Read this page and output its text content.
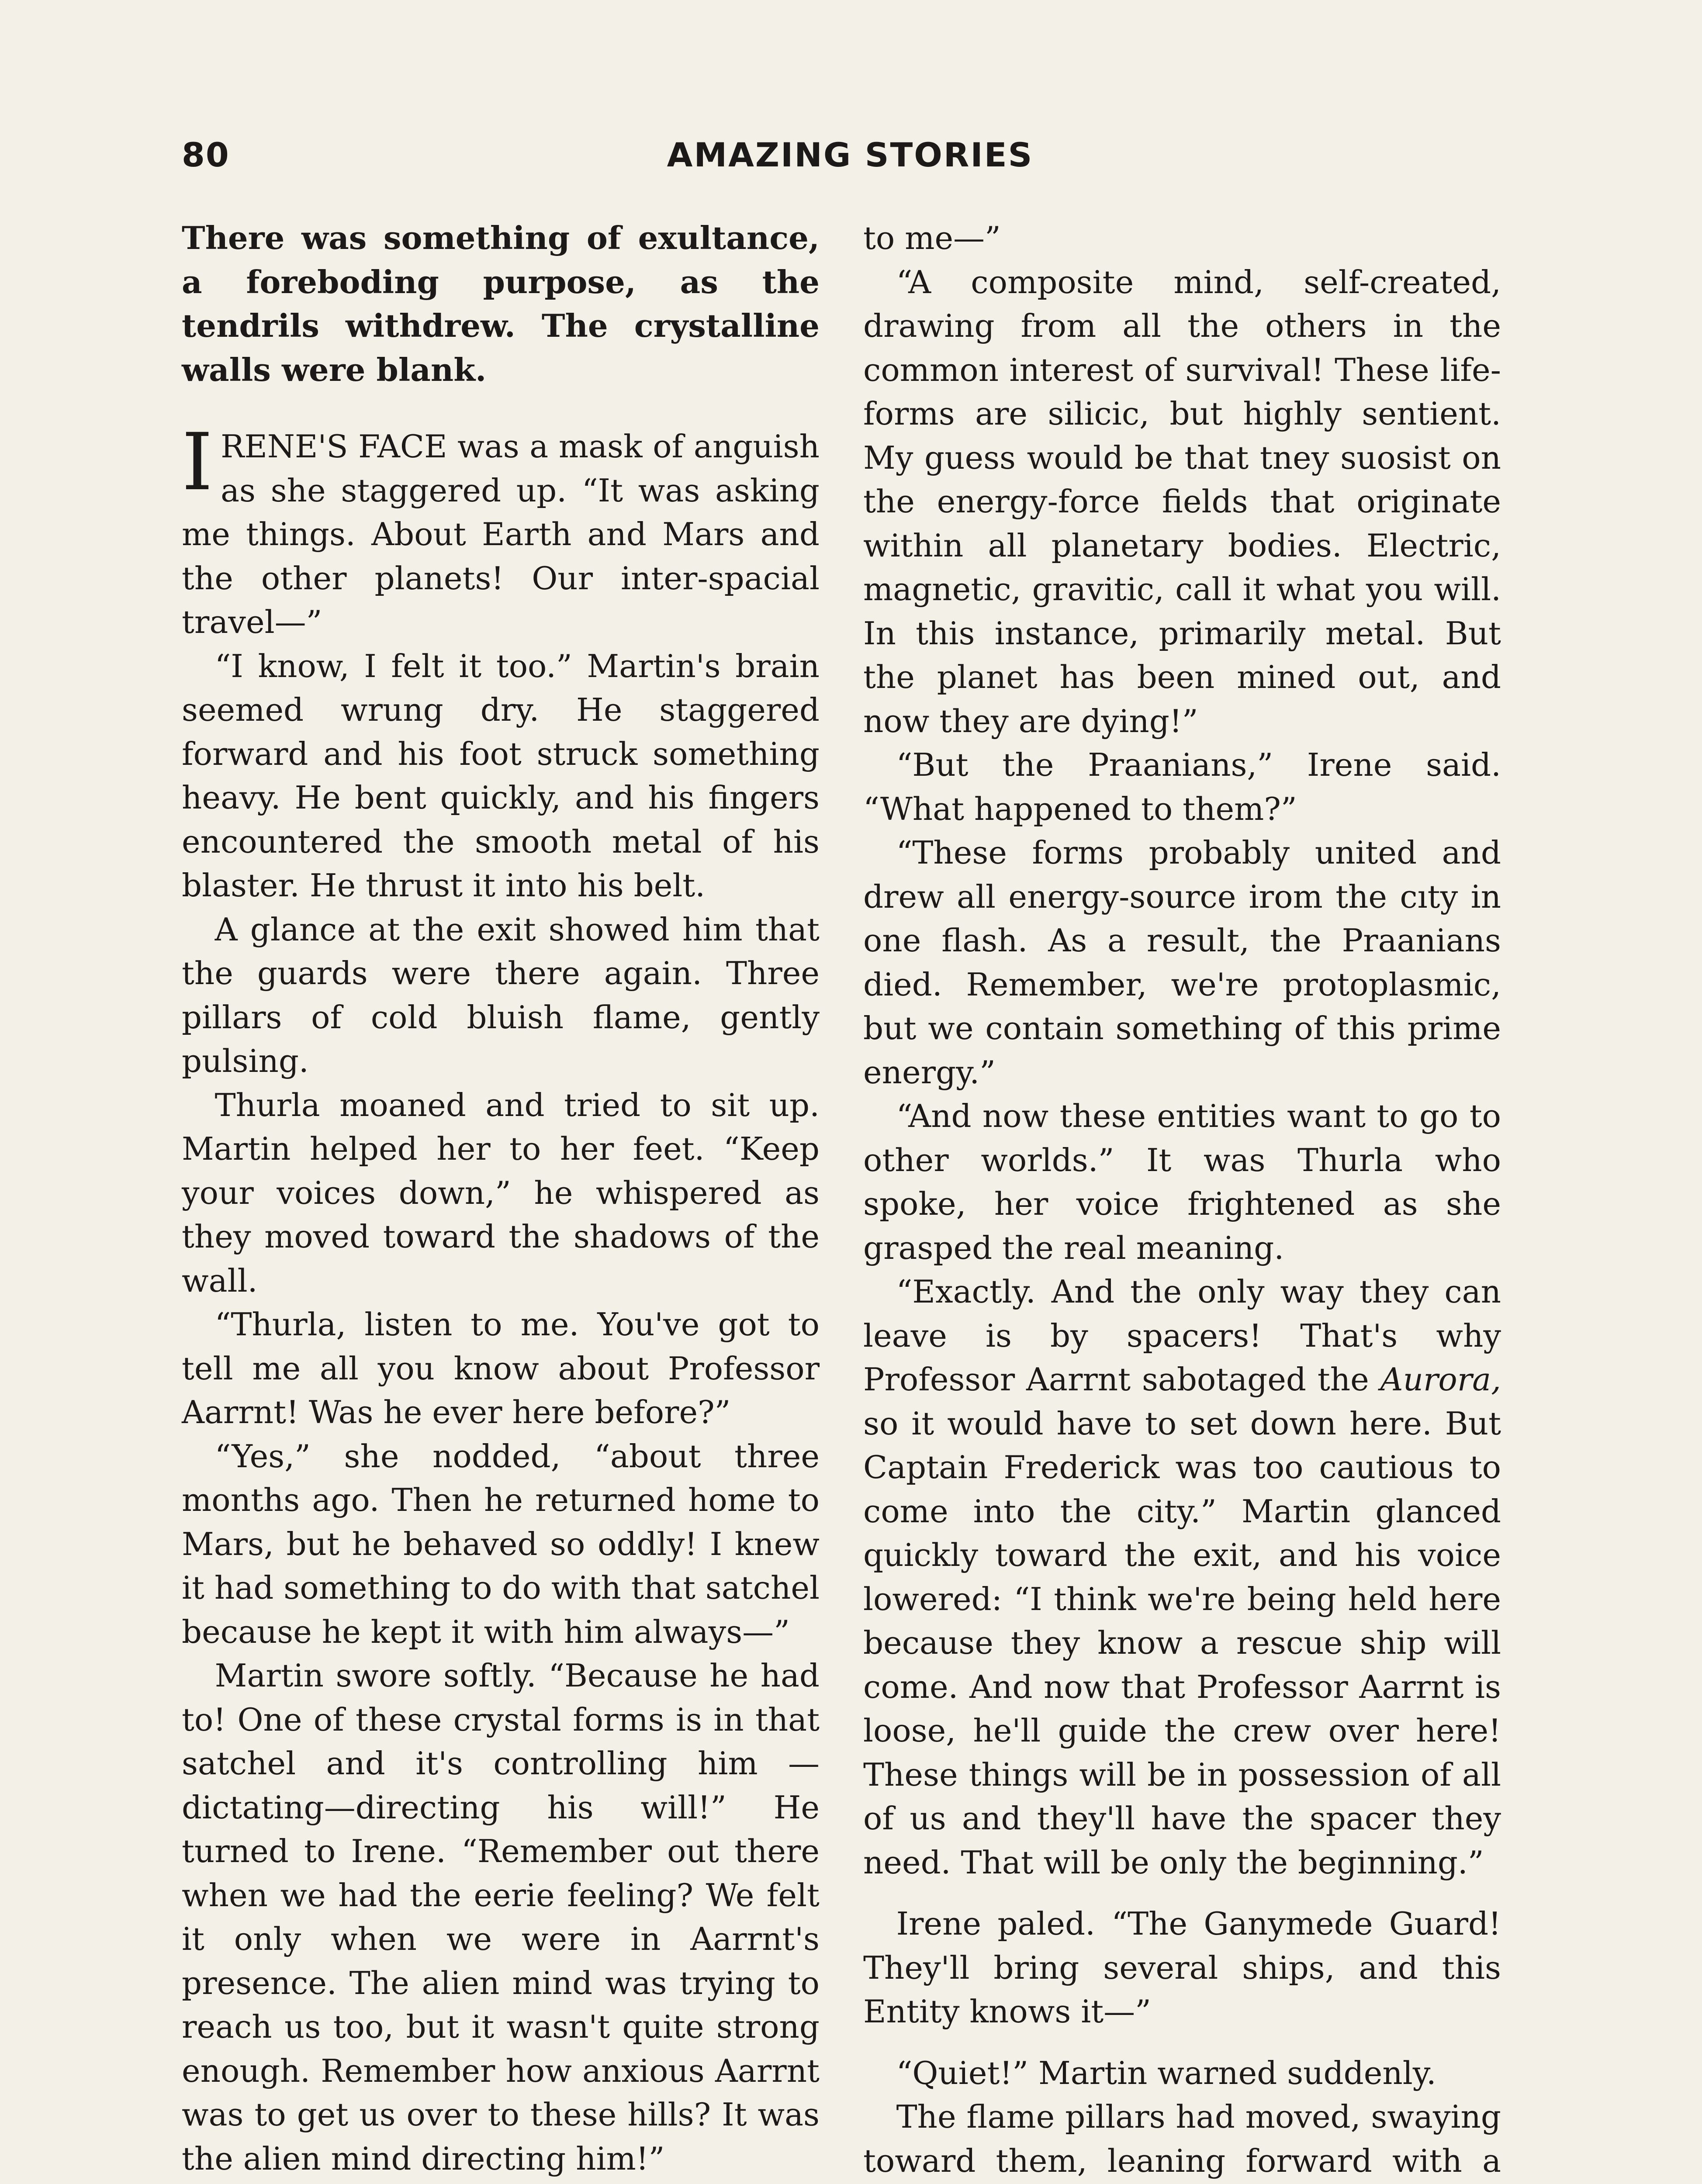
80	AMAZING STORIES

There was something of exultance, a foreboding purpose, as the tendrils withdrew. The crystalline walls were blank.

IRENE'S FACE was a mask of anguish as she staggered up. “It was asking me things. About Earth and Mars and the other planets! Our inter-spacial travel—”

“I know, I felt it too.” Martin's brain seemed wrung dry. He staggered forward and his foot struck something heavy. He bent quickly, and his fingers encountered the smooth metal of his blaster. He thrust it into his belt.

A glance at the exit showed him that the guards were there again. Three pillars of cold bluish flame, gently pulsing.

Thurla moaned and tried to sit up. Martin helped her to her feet. “Keep your voices down,” he whispered as they moved toward the shadows of the wall.

“Thurla, listen to me. You've got to tell me all you know about Professor Aarrnt! Was he ever here before?”

“Yes,” she nodded, “about three months ago. Then he returned home to Mars, but he behaved so oddly! I knew it had something to do with that satchel because he kept it with him always—”

Martin swore softly. “Because he had to! One of these crystal forms is in that satchel and it's controlling him —dictating—directing his will!” He turned to Irene. “Remember out there when we had the eerie feeling? We felt it only when we were in Aarrnt's presence. The alien mind was trying to reach us too, but it wasn't quite strong enough. Remember how anxious Aarrnt was to get us over to these hills? It was the alien mind directing him!”

to me—”

“A composite mind, self-created, drawing from all the others in the common interest of survival! These life-forms are silicic, but highly sentient. My guess would be that tney suosist on the energy-force fields that originate within all planetary bodies. Electric, magnetic, gravitic, call it what you will. In this instance, primarily metal. But the planet has been mined out, and now they are dying!”

“But the Praanians,” Irene said. “What happened to them?”

“These forms probably united and drew all energy-source irom the cıty in one flash. As a result, the Praanians died. Remember, we're protoplasmic, but we contain something of this prime energy.”

“And now these entities want to go to other worlds.” It was Thurla who spoke, her voice frightened as she grasped the real meaning.

“Exactly. And the only way they can leave is by spacers! That's why Professor Aarrnt sabotaged the Aurora, so it would have to set down here. But Captain Frederick was too cautious to come into the city.” Martin glanced quickly toward the exit, and his voice lowered: “I think we're being held here because they know a rescue ship will come. And now that Professor Aarrnt is loose, he'll guide the crew over here! These things will be in possession of all of us and they'll have the spacer they need. That will be only the beginning.”

Irene paled. “The Ganymede Guard! They'll bring several ships, and this Entity knows it—”

“Quiet!” Martin warned suddenly.

The flame pillars had moved, swaying toward them, leaning forward with a
